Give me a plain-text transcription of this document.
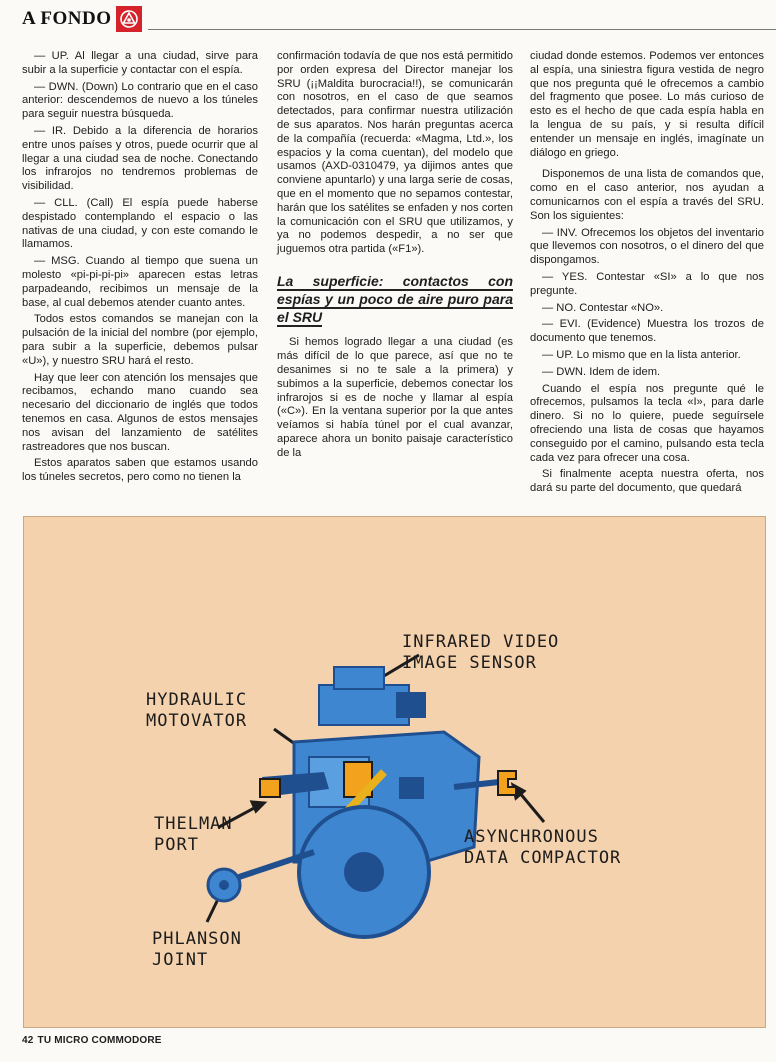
A FONDO

— UP. Al llegar a una ciudad, sirve para subir a la superficie y contactar con el espía.

— DWN. (Down) Lo contrario que en el caso anterior: descendemos de nuevo a los túneles para seguir nuestra búsqueda.

— IR. Debido a la diferencia de horarios entre unos países y otros, puede ocurrir que al llegar a una ciudad sea de noche. Conectando los infrarojos no tendremos problemas de visibilidad.

— CLL. (Call) El espía puede haberse despistado contemplando el espacio o las nativas de una ciudad, y con este comando le llamamos.

— MSG. Cuando al tiempo que suena un molesto «pi-pi-pi-pi» aparecen estas letras parpadeando, recibimos un mensaje de la base, al cual debemos atender cuanto antes.

Todos estos comandos se manejan con la pulsación de la inicial del nombre (por ejemplo, para subir a la superficie, debemos pulsar «U»), y nuestro SRU hará el resto.

Hay que leer con atención los mensajes que recibamos, echando mano cuando sea necesario del diccionario de inglés que todos tenemos en casa. Algunos de estos mensajes nos avisan del lanzamiento de satélites rastreadores que nos buscan.

Estos aparatos saben que estamos usando los túneles secretos, pero como no tienen la

confirmación todavía de que nos está permitido por orden expresa del Director manejar los SRU (¡¡Maldita burocracia!!), se comunicarán con nosotros, en el caso de que seamos detectados, para confirmar nuestra utilización de sus aparatos. Nos harán preguntas acerca de la compañía (recuerda: «Magma, Ltd.», los espacios y la coma cuentan), del modelo que usamos (AXD-0310479, ya dijimos antes que conviene apuntarlo) y una larga serie de cosas, que en el momento que no sepamos contestar, harán que los satélites se enfaden y nos corten la comunicación con el SRU que utilizamos, y ya no podemos despedir, a no ser que juguemos otra partida («F1»).

La superficie: contactos con espías y un poco de aire puro para el SRU

Si hemos logrado llegar a una ciudad (es más difícil de lo que parece, así que no te desanimes si no te sale a la primera) y subimos a la superficie, debemos conectar los infrarojos si es de noche y llamar al espía («C»). En la ventana superior por la que antes veíamos si había túnel por el cual avanzar, aparece ahora un bonito paisaje característico de la

ciudad donde estemos. Podemos ver entonces al espía, una siniestra figura vestida de negro que nos pregunta qué le ofrecemos a cambio del fragmento que posee. Lo más curioso de esto es el hecho de que cada espía habla en la lengua de su país, y si resulta difícil entender un mensaje en inglés, imagínate un diálogo en griego.

Disponemos de una lista de comandos que, como en el caso anterior, nos ayudan a comunicarnos con el espía a través del SRU. Son los siguientes:

— INV. Ofrecemos los objetos del inventario que llevemos con nosotros, o el dinero del que dispongamos.

— YES. Contestar «SI» a lo que nos pregunte.

— NO. Contestar «NO».

— EVI. (Evidence) Muestra los trozos de documento que tenemos.

— UP. Lo mismo que en la lista anterior.

— DWN. Idem de idem.

Cuando el espía nos pregunte qué le ofrecemos, pulsamos la tecla «I», para darle dinero. Si no lo quiere, puede seguírsele ofreciendo una lista de cosas que hayamos conseguido por el camino, pulsando esta tecla cada vez para ofrecer una cosa.

Si finalmente acepta nuestra oferta, nos dará su parte del documento, que quedará

INFRARED VIDEO
IMAGE SENSOR
HYDRAULIC
MOTOVATOR
THELMAN
PORT	ASYNCHRONOUS
DATA COMPACTOR
PHLANSON
JOINT
42 TU MICRO COMMODORE
